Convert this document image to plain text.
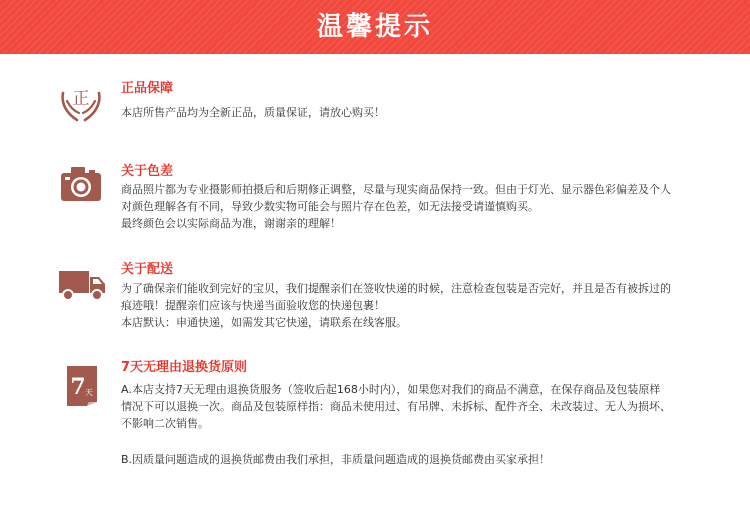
温馨提示
正
正品保障
本店所售产品均为全新正品，质量保证，请放心购买！
关于色差
商品照片都为专业摄影师拍摄后和后期修正调整，尽量与现实商品保持一致。但由于灯光、显示器色彩偏差及个人
对颜色理解各有不同，导致少数实物可能会与照片存在色差，如无法接受请谨慎购买。
最终颜色会以实际商品为准，谢谢亲的理解！
关于配送
为了确保亲们能收到完好的宝贝，我们提醒亲们在签收快递的时候，注意检查包装是否完好，并且是否有被拆过的
痕迹哦！提醒亲们应该与快递当面验收您的快递包裹！
本店默认：申通快递，如需发其它快递，请联系在线客服。
7 天
7天无理由退换货原则
A.本店支持7天无理由退换货服务（签收后起168小时内），如果您对我们的商品不满意，在保存商品及包装原样
情况下可以退换一次。商品及包装原样指：商品未使用过、有吊牌、未拆标、配件齐全、未改装过、无人为损坏、
不影响二次销售。
B.因质量问题造成的退换货邮费由我们承担，非质量问题造成的退换货邮费由买家承担！
